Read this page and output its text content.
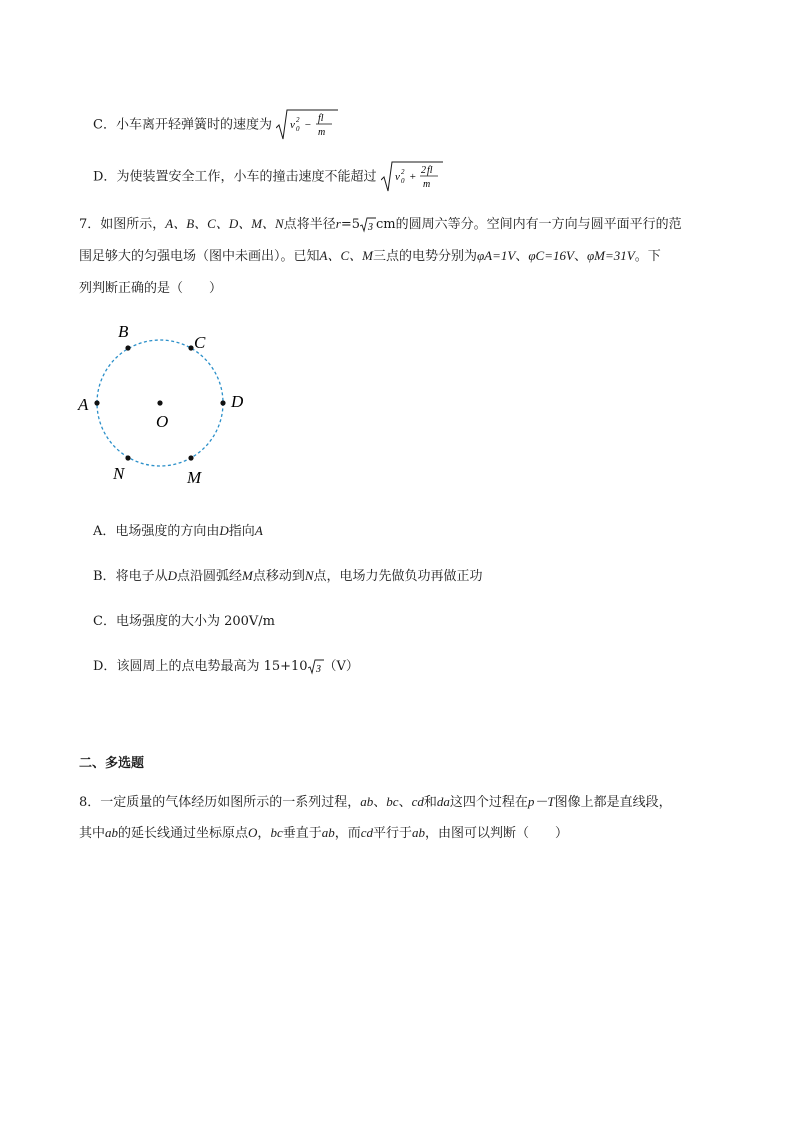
C．小车离开轻弹簧时的速度为 v 2
0 −
fl
m
D．为使装置安全工作，小车的撞击速度不能超过 v 2
0 +
2 fl
m
7．如图所示，A、B、C、D、M、N点将半径r=5 3 cm的圆周六等分。空间内有一方向与圆平面平行的范
围足够大的匀强电场（图中未画出）。已知A、C、M三点的电势分别为φA=1V、φC=16V、φM=31V。下
列判断正确的是（　　）
A
B
C
D
M
N
O
A．电场强度的方向由D指向A
B．将电子从D点沿圆弧经M点移动到N点，电场力先做负功再做正功
C．电场强度的大小为 200V/m
D．该圆周上的点电势最高为 15+10 3 （V）
二、多选题
8．一定质量的气体经历如图所示的一系列过程，ab、bc、cd和da这四个过程在p－T图像上都是直线段，
其中ab的延长线通过坐标原点O，bc垂直于ab，而cd平行于ab，由图可以判断（　　）
